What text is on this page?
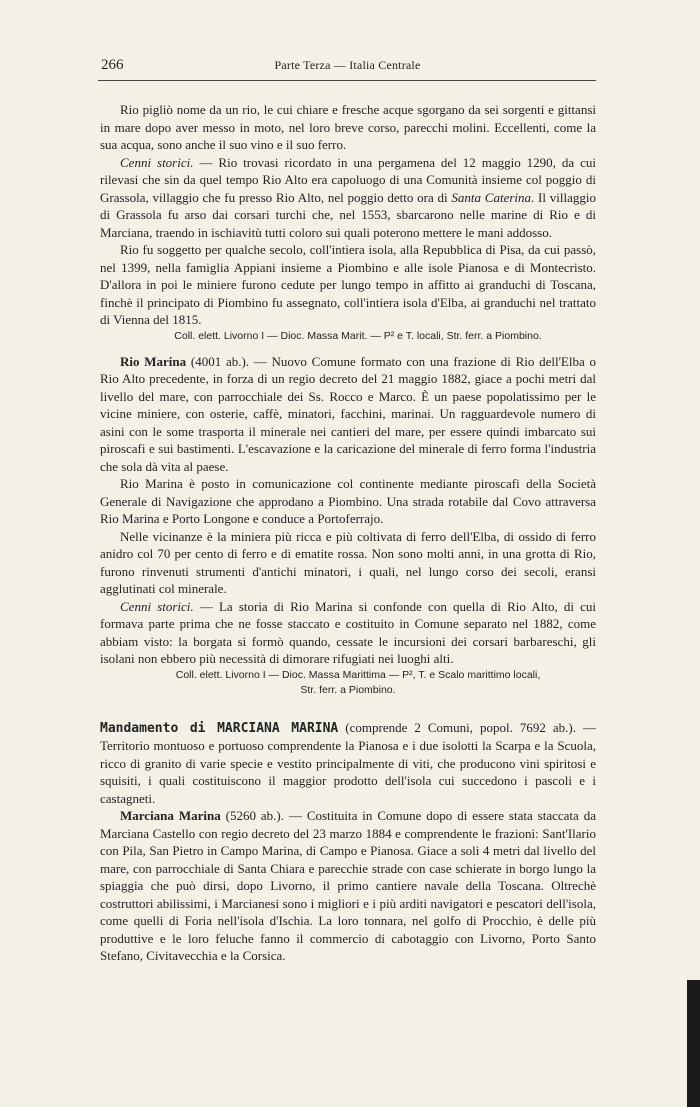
266	Parte Terza — Italia Centrale

Rio pigliò nome da un rio, le cui chiare e fresche acque sgorgano da sei sorgenti e gittansi in mare dopo aver messo in moto, nel loro breve corso, parecchi molini. Eccellenti, come la sua acqua, sono anche il suo vino e il suo ferro.

Cenni storici. — Rio trovasi ricordato in una pergamena del 12 maggio 1290, da cui rilevasi che sin da quel tempo Rio Alto era capoluogo di una Comunità insieme col poggio di Grassola, villaggio che fu presso Rio Alto, nel poggio detto ora di Santa Caterina. Il villaggio di Grassola fu arso dai corsari turchi che, nel 1553, sbarcarono nelle marine di Rio e di Marciana, traendo in ischiavitù tutti coloro sui quali poterono mettere le mani addosso.

Rio fu soggetto per qualche secolo, coll'intiera isola, alla Repubblica di Pisa, da cui passò, nel 1399, nella famiglia Appiani insieme a Piombino e alle isole Pianosa e di Montecristo. D'allora in poi le miniere furono cedute per lungo tempo in affitto ai granduchi di Toscana, finchè il principato di Piombino fu assegnato, coll'intiera isola d'Elba, ai granduchi nel trattato di Vienna del 1815.

Coll. elett. Livorno I — Dioc. Massa Marit. — P² e T. locali, Str. ferr. a Piombino.

Rio Marina (4001 ab.). — Nuovo Comune formato con una frazione di Rio dell'Elba o Rio Alto precedente, in forza di un regio decreto del 21 maggio 1882, giace a pochi metri dal livello del mare, con parrocchiale dei Ss. Rocco e Marco. È un paese popolatissimo per le vicine miniere, con osterie, caffè, minatori, facchini, marinai. Un ragguardevole numero di asini con le some trasporta il minerale nei cantieri del mare, per essere quindi imbarcato sui piroscafi e sui bastimenti. L'escavazione e la caricazione del minerale di ferro forma l'industria che sola dà vita al paese.

Rio Marina è posto in comunicazione col continente mediante piroscafi della Società Generale di Navigazione che approdano a Piombino. Una strada rotabile dal Covo attraversa Rio Marina e Porto Longone e conduce a Portoferrajo.

Nelle vicinanze è la miniera più ricca e più coltivata di ferro dell'Elba, di ossido di ferro anidro col 70 per cento di ferro e di ematite rossa. Non sono molti anni, in una grotta di Rio, furono rinvenuti strumenti d'antichi minatori, i quali, nel lungo corso dei secoli, eransi agglutinati col minerale.

Cenni storici. — La storia di Rio Marina si confonde con quella di Rio Alto, di cui formava parte prima che ne fosse staccato e costituito in Comune separato nel 1882, come abbiam visto: la borgata si formò quando, cessate le incursioni dei corsari barbareschi, gli isolani non ebbero più necessità di dimorare rifugiati nei luoghi alti.

Coll. elett. Livorno I — Dioc. Massa Marittima — P², T. e Scalo marittimo locali,
Str. ferr. a Piombino.

Mandamento di MARCIANA MARINA (comprende 2 Comuni, popol. 7692 ab.). — Territorio montuoso e portuoso comprendente la Pianosa e i due isolotti la Scarpa e la Scuola, ricco di granito di varie specie e vestito principalmente di viti, che producono vini spiritosi e squisiti, i quali costituiscono il maggior prodotto dell'isola cui succedono i pascoli e i castagneti.

Marciana Marina (5260 ab.). — Costituita in Comune dopo di essere stata staccata da Marciana Castello con regio decreto del 23 marzo 1884 e comprendente le frazioni: Sant'Ilario con Pila, San Pietro in Campo Marina, di Campo e Pianosa. Giace a soli 4 metri dal livello del mare, con parrocchiale di Santa Chiara e parecchie strade con case schierate in borgo lungo la spiaggia che può dirsi, dopo Livorno, il primo cantiere navale della Toscana. Oltrechè costruttori abilissimi, i Marcianesi sono i migliori e i più arditi navigatori e pescatori dell'isola, come quelli di Foria nell'isola d'Ischia. La loro tonnara, nel golfo di Procchio, è delle più produttive e le loro feluche fanno il commercio di cabotaggio con Livorno, Porto Santo Stefano, Civitavecchia e la Corsica.
